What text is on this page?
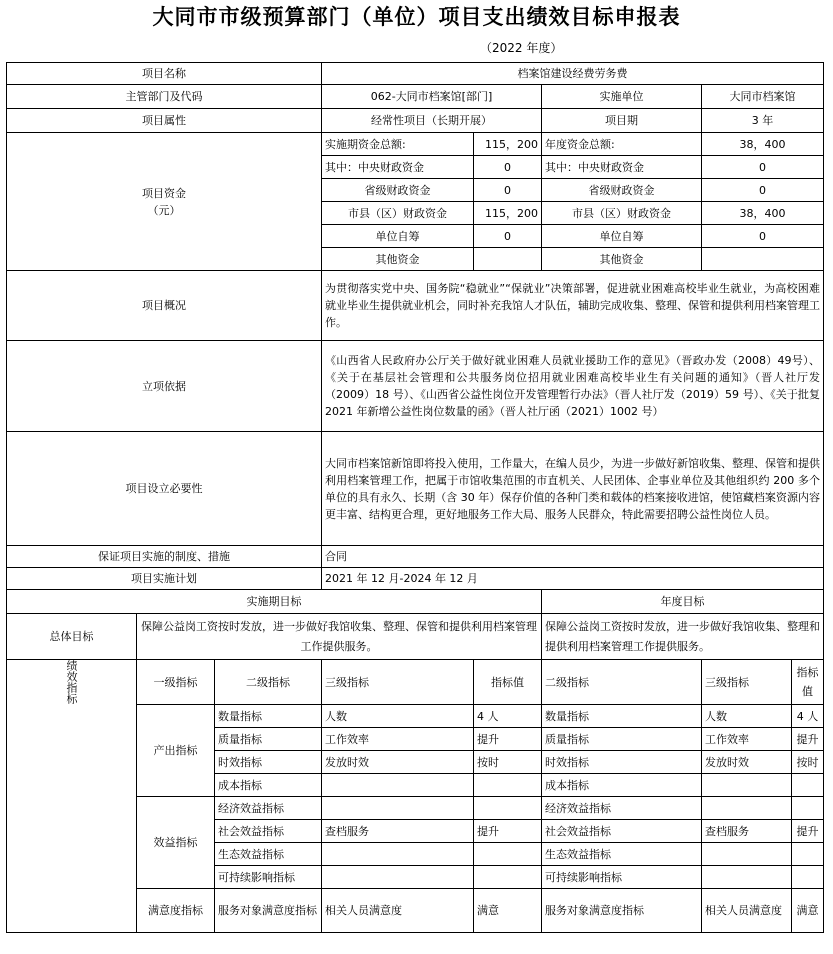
大同市市级预算部门（单位）项目支出绩效目标申报表
（2022 年度）
项目名称			档案馆建设经费劳务费				
主管部门及代码			062-大同市档案馆[部门]		实施单位	大同市档案馆	
项目属性			经常性项目（长期开展）		项目期	3 年	

项目资金
（元）			实施期资金总额:	115，200	年度资金总额:	38，400	
			其中：中央财政资金	0	其中：中央财政资金	0	
			省级财政资金	0	省级财政资金	0	
			市县（区）财政资金	115，200	市县（区）财政资金	38，400	
			单位自筹	0	单位自筹	0	
			其他资金		其他资金		
项目概况			为贯彻落实党中央、国务院“稳就业”“保就业”决策部署，促进就业困难高校毕业生就业，为高校困难就业毕业生提供就业机会，同时补充我馆人才队伍，辅助完成收集、整理、保管和提供利用档案管理工作。				
立项依据			《山西省人民政府办公厅关于做好就业困难人员就业援助工作的意见》（晋政办发（2008）49号）、《关于在基层社会管理和公共服务岗位招用就业困难高校毕业生有关问题的通知》（晋人社厅发（2009）18 号）、《山西省公益性岗位开发管理暂行办法》（晋人社厅发（2019）59 号）、《关于批复 2021 年新增公益性岗位数量的函》（晋人社厅函（2021）1002 号）				
项目设立必要性			大同市档案馆新馆即将投入使用，工作量大，在编人员少，为进一步做好新馆收集、整理、保管和提供利用档案管理工作，把属于市馆收集范围的市直机关、人民团体、企事业单位及其他组织约 200 多个单位的具有永久、长期（含 30 年）保存价值的各种门类和载体的档案接收进馆，使馆藏档案资源内容更丰富、结构更合理，更好地服务工作大局、服务人民群众，特此需要招聘公益性岗位人员。				
保证项目实施的制度、措施			合同				
项目实施计划			2021 年 12 月-2024 年 12 月				
实施期目标					年度目标		
总体目标	保障公益岗工资按时发放，进一步做好我馆收集、整理、保管和提供利用档案管理工作提供服务。				保障公益岗工资按时发放，进一步做好我馆收集、整理和提供利用档案管理工作提供服务。		
绩效指标	一级指标	二级指标	三级指标	指标值	二级指标	三级指标	指标值
	产出指标	数量指标	人数	4 人	数量指标	人数	4 人
		质量指标	工作效率	提升	质量指标	工作效率	提升
		时效指标	发放时效	按时	时效指标	发放时效	按时
		成本指标			成本指标		
	效益指标	经济效益指标			经济效益指标		
		社会效益指标	查档服务	提升	社会效益指标	查档服务	提升
		生态效益指标			生态效益指标		
		可持续影响指标			可持续影响指标		
	满意度指标	服务对象满意度指标	相关人员满意度	满意	服务对象满意度指标	相关人员满意度	满意
